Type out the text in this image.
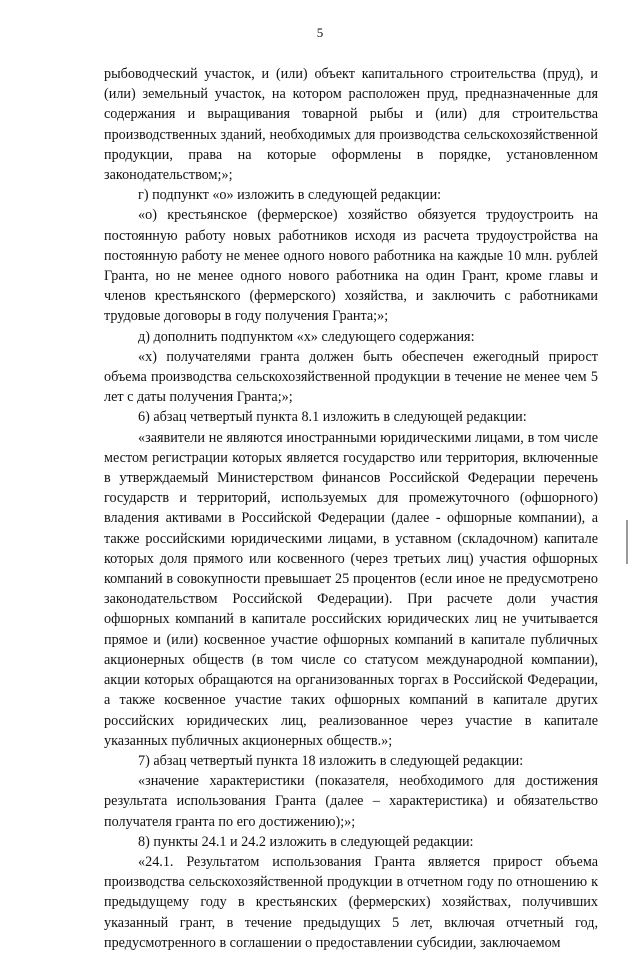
5

рыбоводческий участок, и (или) объект капитального строительства (пруд), и (или) земельный участок, на котором расположен пруд, предназначенные для содержания и выращивания товарной рыбы и (или) для строительства производственных зданий, необходимых для производства сельскохозяйственной продукции, права на которые оформлены в порядке, установленном законодательством;»;

г) подпункт «о» изложить в следующей редакции:

«о) крестьянское (фермерское) хозяйство обязуется трудоустроить на постоянную работу новых работников исходя из расчета трудоустройства на постоянную работу не менее одного нового работника на каждые 10 млн. рублей Гранта, но не менее одного нового работника на один Грант, кроме главы и членов крестьянского (фермерского) хозяйства, и заключить с работниками трудовые договоры в году получения Гранта;»;

д) дополнить подпунктом «х» следующего содержания:

«х) получателями гранта должен быть обеспечен ежегодный прирост объема производства сельскохозяйственной продукции в течение не менее чем 5 лет с даты получения Гранта;»;

6) абзац четвертый пункта 8.1 изложить в следующей редакции:

«заявители не являются иностранными юридическими лицами, в том числе местом регистрации которых является государство или территория, включенные в утверждаемый Министерством финансов Российской Федерации перечень государств и территорий, используемых для промежуточного (офшорного) владения активами в Российской Федерации (далее - офшорные компании), а также российскими юридическими лицами, в уставном (складочном) капитале которых доля прямого или косвенного (через третьих лиц) участия офшорных компаний в совокупности превышает 25 процентов (если иное не предусмотрено законодательством Российской Федерации). При расчете доли участия офшорных компаний в капитале российских юридических лиц не учитывается прямое и (или) косвенное участие офшорных компаний в капитале публичных акционерных обществ (в том числе со статусом международной компании), акции которых обращаются на организованных торгах в Российской Федерации, а также косвенное участие таких офшорных компаний в капитале других российских юридических лиц, реализованное через участие в капитале указанных публичных акционерных обществ.»;

7) абзац четвертый пункта 18 изложить в следующей редакции:

«значение характеристики (показателя, необходимого для достижения результата использования Гранта (далее – характеристика) и обязательство получателя гранта по его достижению);»;

8) пункты 24.1 и 24.2 изложить в следующей редакции:

«24.1. Результатом использования Гранта является прирост объема производства сельскохозяйственной продукции в отчетном году по отношению к предыдущему году в крестьянских (фермерских) хозяйствах, получивших указанный грант, в течение предыдущих 5 лет, включая отчетный год, предусмотренного в соглашении о предоставлении субсидии, заключаемом
